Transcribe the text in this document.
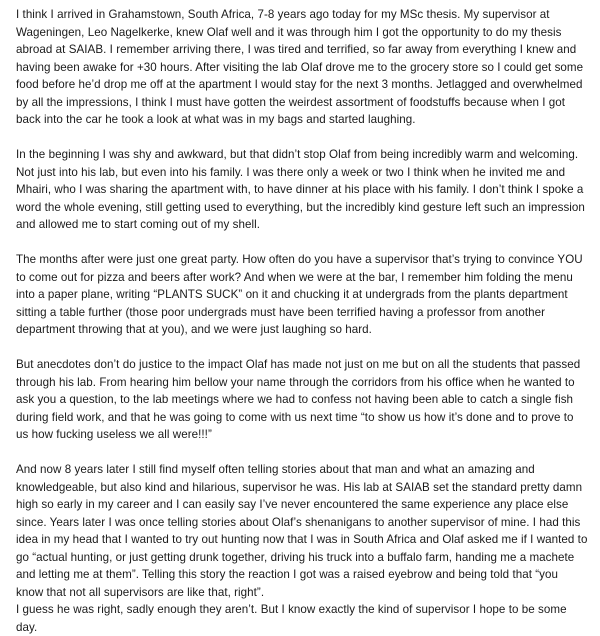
I think I arrived in Grahamstown, South Africa, 7-8 years ago today for my MSc thesis. My supervisor at Wageningen, Leo Nagelkerke, knew Olaf well and it was through him I got the opportunity to do my thesis abroad at SAIAB. I remember arriving there, I was tired and terrified, so far away from everything I knew and having been awake for +30 hours. After visiting the lab Olaf drove me to the grocery store so I could get some food before he’d drop me off at the apartment I would stay for the next 3 months. Jetlagged and overwhelmed by all the impressions, I think I must have gotten the weirdest assortment of foodstuffs because when I got back into the car he took a look at what was in my bags and started laughing.

In the beginning I was shy and awkward, but that didn’t stop Olaf from being incredibly warm and welcoming. Not just into his lab, but even into his family. I was there only a week or two I think when he invited me and Mhairi, who I was sharing the apartment with, to have dinner at his place with his family. I don’t think I spoke a word the whole evening, still getting used to everything, but the incredibly kind gesture left such an impression and allowed me to start coming out of my shell.

The months after were just one great party. How often do you have a supervisor that’s trying to convince YOU to come out for pizza and beers after work? And when we were at the bar, I remember him folding the menu into a paper plane, writing “PLANTS SUCK” on it and chucking it at undergrads from the plants department sitting a table further (those poor undergrads must have been terrified having a professor from another department throwing that at you), and we were just laughing so hard.

But anecdotes don’t do justice to the impact Olaf has made not just on me but on all the students that passed through his lab. From hearing him bellow your name through the corridors from his office when he wanted to ask you a question, to the lab meetings where we had to confess not having been able to catch a single fish during field work, and that he was going to come with us next time “to show us how it’s done and to prove to us how fucking useless we all were!!!”

And now 8 years later I still find myself often telling stories about that man and what an amazing and knowledgeable, but also kind and hilarious, supervisor he was. His lab at SAIAB set the standard pretty damn high so early in my career and I can easily say I’ve never encountered the same experience any place else since. Years later I was once telling stories about Olaf’s shenanigans to another supervisor of mine. I had this idea in my head that I wanted to try out hunting now that I was in South Africa and Olaf asked me if I wanted to go “actual hunting, or just getting drunk together, driving his truck into a buffalo farm, handing me a machete and letting me at them”. Telling this story the reaction I got was a raised eyebrow and being told that “you know that not all supervisors are like that, right”.

I guess he was right, sadly enough they aren’t. But I know exactly the kind of supervisor I hope to be some day.
